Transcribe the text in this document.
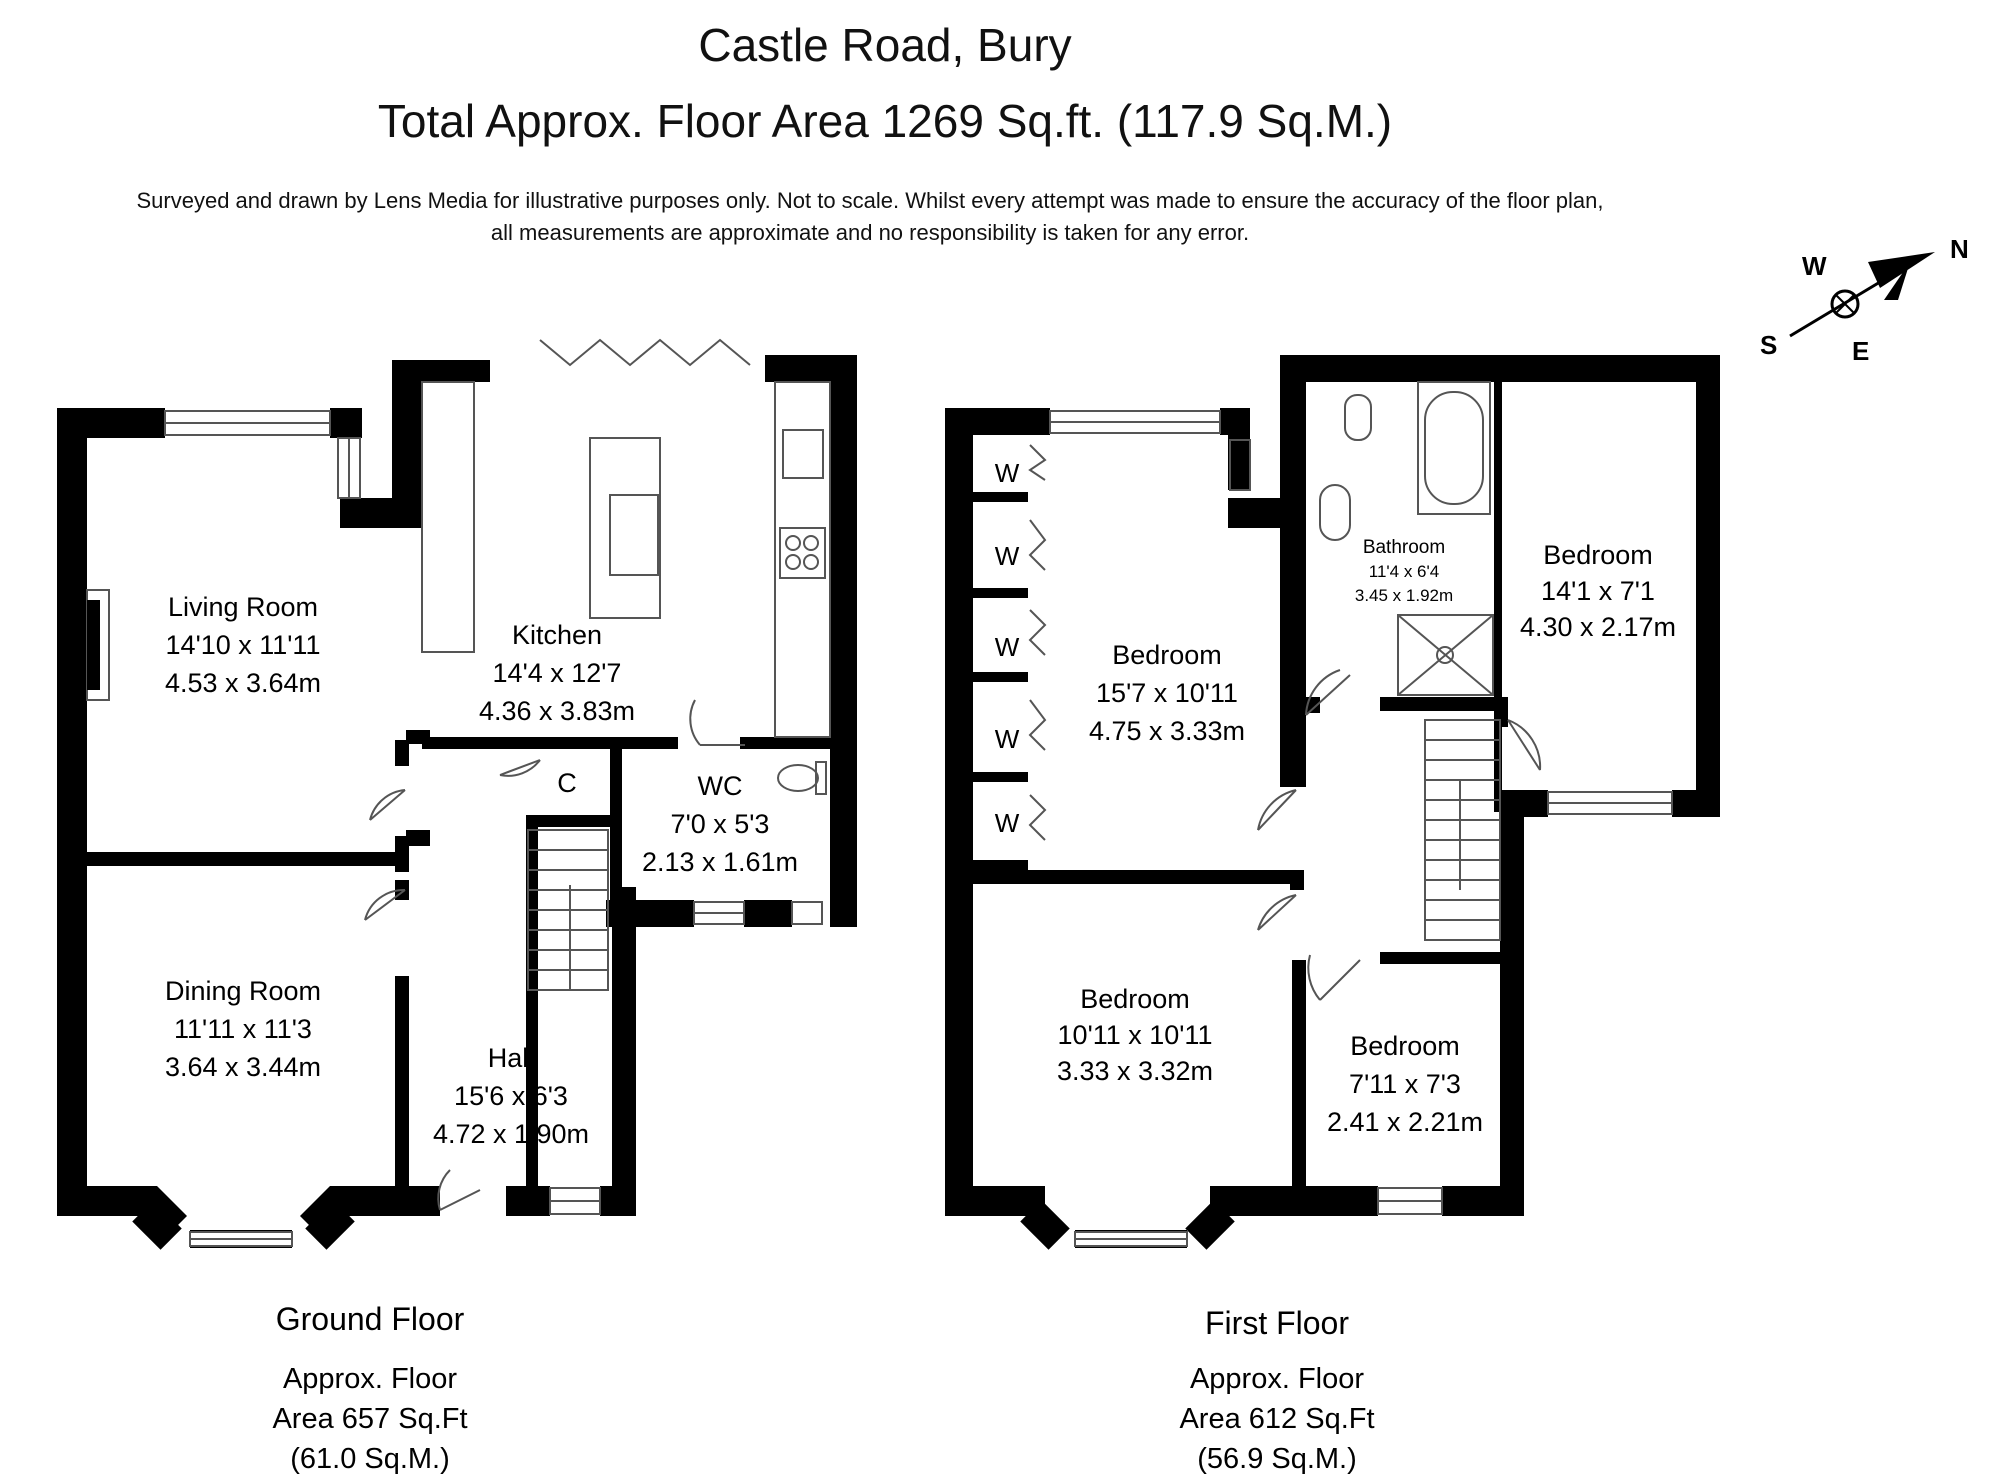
Castle Road, Bury
Total Approx. Floor Area 1269 Sq.ft. (117.9 Sq.M.)
Surveyed and drawn by Lens Media for illustrative purposes only. Not to scale. Whilst every attempt was made to ensure the accuracy of the floor plan,
all measurements are approximate and no responsibility is taken for any error.
N
W
S	E
Living Room
14'10 x 11'11
4.53 x 3.64m
Kitchen
14'4 x 12'7
4.36 x 3.83m
C	WC
7'0 x 5'3
2.13 x 1.61m
Dining Room
11'11 x 11'3
3.64 x 3.44m	Hall
15'6 x 6'3
4.72 x 1.90m
W
W
W
W
W
Bedroom
15'7 x 10'11
4.75 x 3.33m
Bathroom
11'4 x 6'4
3.45 x 1.92m
Bedroom
14'1 x 7'1
4.30 x 2.17m
Bedroom
10'11 x 10'11
3.33 x 3.32m
Bedroom
7'11 x 7'3
2.41 x 2.21m
Ground Floor
Approx. Floor
Area 657 Sq.Ft
(61.0 Sq.M.)
First Floor
Approx. Floor
Area 612 Sq.Ft
(56.9 Sq.M.)
